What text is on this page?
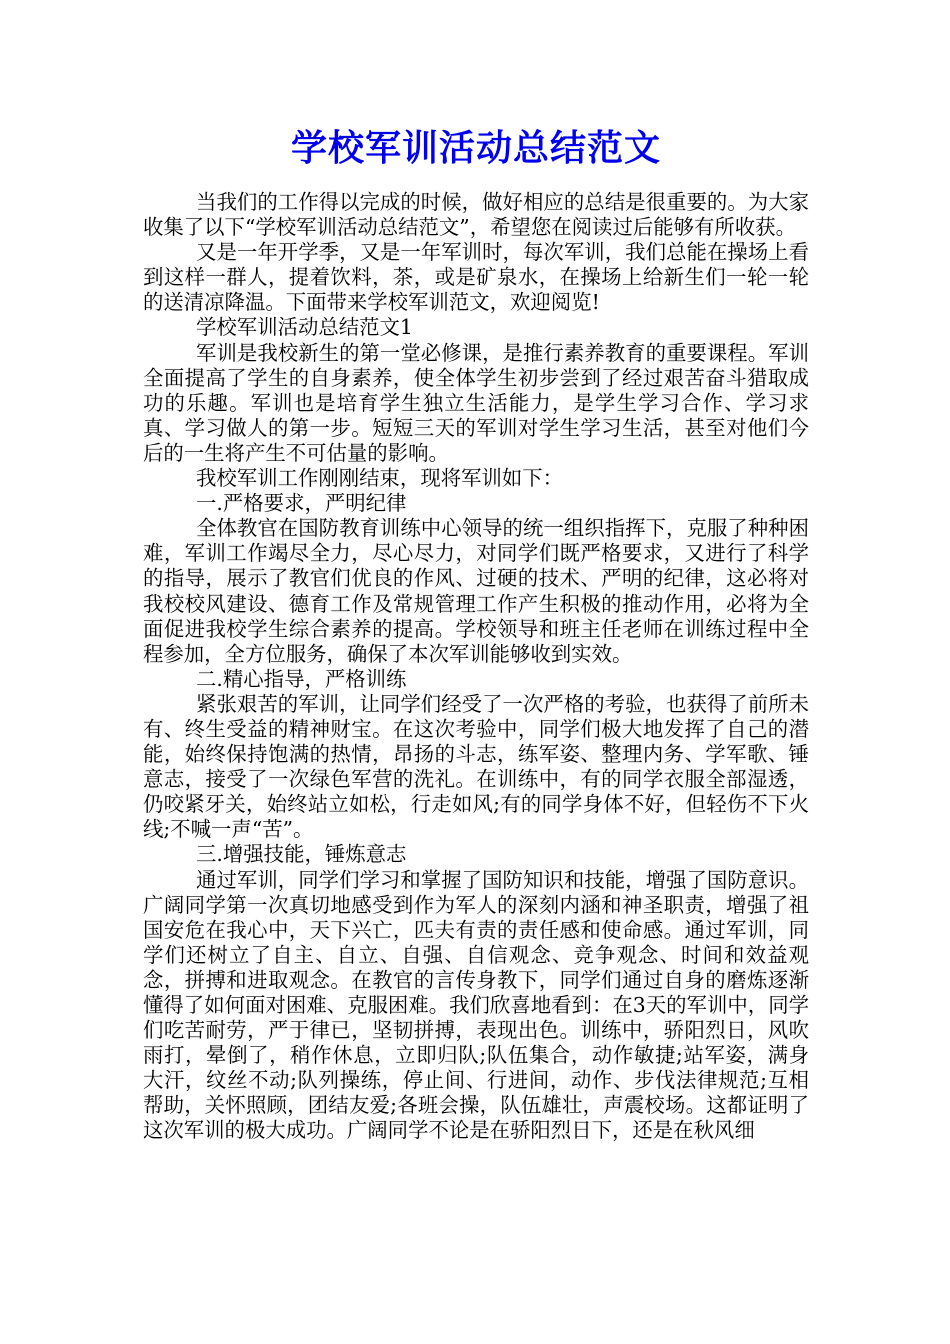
学校军训活动总结范文

当我们的工作得以完成的时候，做好相应的总结是很重要的。为大家收集了以下“学校军训活动总结范文”，希望您在阅读过后能够有所收获。

又是一年开学季，又是一年军训时，每次军训，我们总能在操场上看到这样一群人，提着饮料，茶，或是矿泉水，在操场上给新生们一轮一轮的送清凉降温。下面带来学校军训范文，欢迎阅览!

学校军训活动总结范文1

军训是我校新生的第一堂必修课，是推行素养教育的重要课程。军训全面提高了学生的自身素养，使全体学生初步尝到了经过艰苦奋斗猎取成功的乐趣。军训也是培育学生独立生活能力，是学生学习合作、学习求真、学习做人的第一步。短短三天的军训对学生学习生活，甚至对他们今后的一生将产生不可估量的影响。

我校军训工作刚刚结束，现将军训如下：

一.严格要求，严明纪律

全体教官在国防教育训练中心领导的统一组织指挥下，克服了种种困难，军训工作竭尽全力，尽心尽力，对同学们既严格要求，又进行了科学的指导，展示了教官们优良的作风、过硬的技术、严明的纪律，这必将对我校校风建设、德育工作及常规管理工作产生积极的推动作用，必将为全面促进我校学生综合素养的提高。学校领导和班主任老师在训练过程中全程参加，全方位服务，确保了本次军训能够收到实效。

二.精心指导，严格训练

紧张艰苦的军训，让同学们经受了一次严格的考验，也获得了前所未有、终生受益的精神财宝。在这次考验中，同学们极大地发挥了自己的潜能，始终保持饱满的热情，昂扬的斗志，练军姿、整理内务、学军歌、锤意志，接受了一次绿色军营的洗礼。在训练中，有的同学衣服全部湿透，仍咬紧牙关，始终站立如松，行走如风;有的同学身体不好，但轻伤不下火线;不喊一声“苦”。

三.增强技能，锤炼意志

通过军训，同学们学习和掌握了国防知识和技能，增强了国防意识。广阔同学第一次真切地感受到作为军人的深刻内涵和神圣职责，增强了祖国安危在我心中，天下兴亡，匹夫有责的责任感和使命感。通过军训，同学们还树立了自主、自立、自强、自信观念、竞争观念、时间和效益观念，拼搏和进取观念。在教官的言传身教下，同学们通过自身的磨炼逐渐懂得了如何面对困难、克服困难。我们欣喜地看到：在3天的军训中，同学们吃苦耐劳，严于律已，坚韧拼搏，表现出色。训练中，骄阳烈日，风吹雨打，晕倒了，稍作休息，立即归队;队伍集合，动作敏捷;站军姿，满身大汗，纹丝不动;队列操练，停止间、行进间，动作、步伐法律规范;互相帮助，关怀照顾，团结友爱;各班会操，队伍雄壮，声震校场。这都证明了这次军训的极大成功。广阔同学不论是在骄阳烈日下，还是在秋风细
